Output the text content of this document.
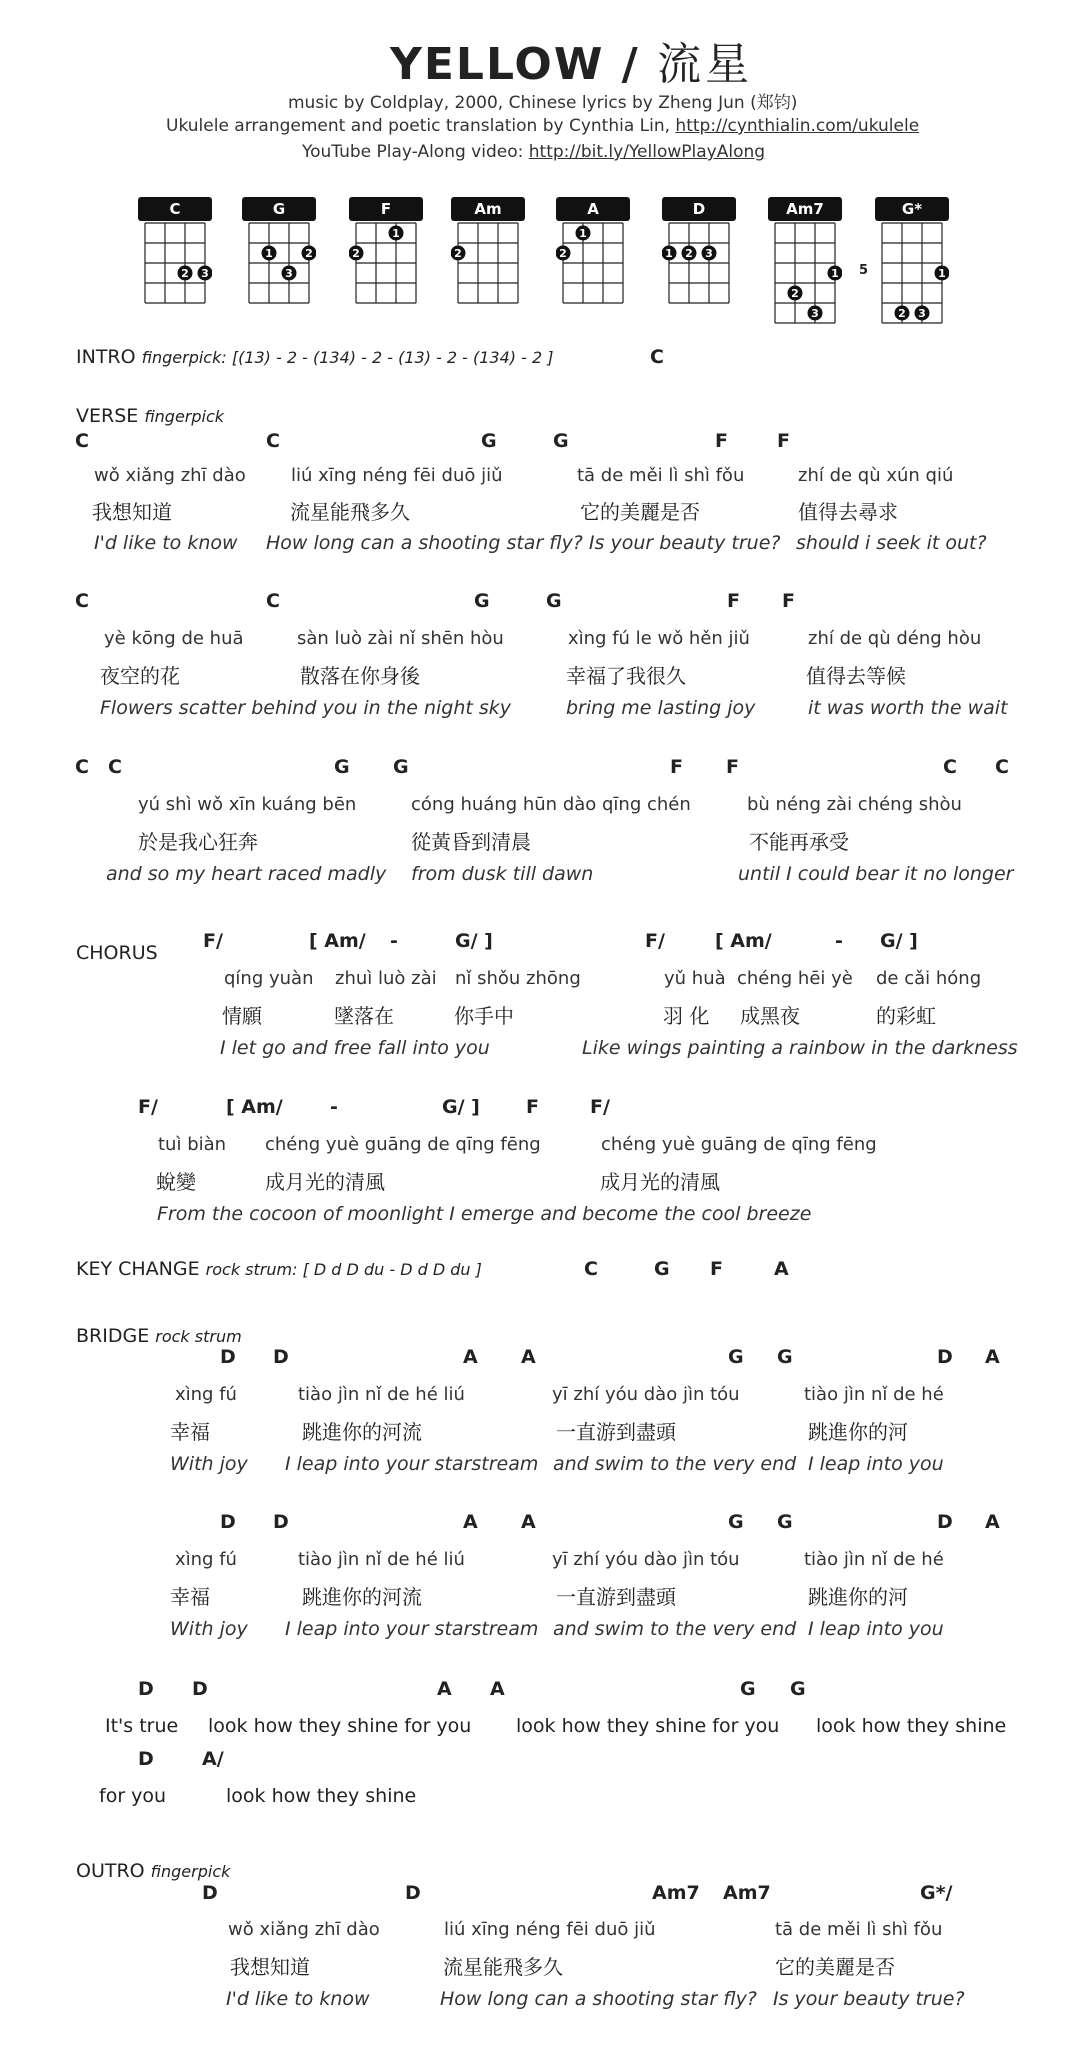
YELLOW / 流星
music by Coldplay, 2000, Chinese lyrics by Zheng Jun (郑钧)
Ukulele arrangement and poetic translation by Cynthia Lin, http://cynthialin.com/ukulele
YouTube Play-Along video: http://bit.ly/YellowPlayAlong
C
2 3
G
1	2
3
F
1
2
Am
2
A
1
2
D
1 2 3
Am7
1
2
3
G*
1
2 3
5
INTRO fingerpick: [(13) - 2 - (134) - 2 - (13) - 2 - (134) - 2 ]	C
VERSE fingerpick
CHORUS
KEY CHANGE rock strum: [ D d D du - D d D du ]	C	G F	A
BRIDGE rock strum
OUTRO fingerpick
C	C	G	G	F	F
wǒ xiǎng zhī dào	liú xīng néng fēi duō jiǔ	tā de měi lì shì fǒu	zhí de qù xún qiú
我想知道	流星能飛多久	它的美麗是否	值得去尋求
I'd like to know How long can a shooting star fly? Is your beauty true? should i seek it out?
C	C	G	G	F F
yè kōng de huā	sàn luò zài nǐ shēn hòu	xìng fú le wǒ hěn jiǔ	zhí de qù déng hòu
夜空的花	散落在你身後	幸福了我很久	值得去等候
Flowers scatter behind you in the night sky	bring me lasting joy	it was worth the wait
C C	G G	F F	C C
yú shì wǒ xīn kuáng bēn	cóng huáng hūn dào qīng chén	bù néng zài chéng shòu
於是我心狂奔	從黃昏到清晨	不能再承受
and so my heart raced madly from dusk till dawn	until I could bear it no longer
F/	[ Am/ -	G/ ]	F/	[ Am/	- G/ ]
qíng yuàn zhuì luò zài nǐ shǒu zhōng	yǔ huà chéng hēi yè de cǎi hóng
情願	墜落在	你手中	羽 化 成黑夜	的彩虹
I let go and free fall into you	Like wings painting a rainbow in the darkness
F/	[ Am/ -	G/ ] F	F/
tuì biàn chéng yuè guāng de qīng fēng	chéng yuè guāng de qīng fēng
蛻變	成月光的清風	成月光的清風
From the cocoon of moonlight I emerge and become the cool breeze
D D	A A	G G	D A
xìng fú	tiào jìn nǐ de hé liú	yī zhí yóu dào jìn tóu	tiào jìn nǐ de hé
幸福	跳進你的河流	一直游到盡頭	跳進你的河
With joy I leap into your starstream and swim to the very end I leap into you
D D	A A	G G	D A
xìng fú	tiào jìn nǐ de hé liú	yī zhí yóu dào jìn tóu	tiào jìn nǐ de hé
幸福	跳進你的河流	一直游到盡頭	跳進你的河
With joy I leap into your starstream and swim to the very end I leap into you
D D	A A	G G
It's true look how they shine for you look how they shine for you look how they shine
D	A/
for you	look how they shine
D	D	Am7 Am7	G*/
wǒ xiǎng zhī dào	liú xīng néng fēi duō jiǔ	tā de měi lì shì fǒu
我想知道	流星能飛多久	它的美麗是否
I'd like to know	How long can a shooting star fly? Is your beauty true?
